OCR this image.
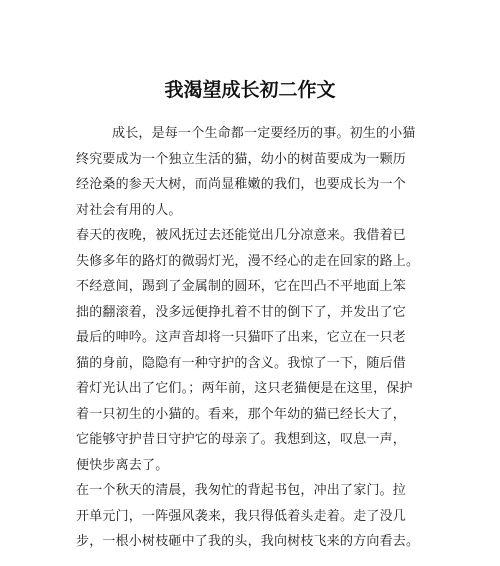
我渴望成长初二作文
成长，是每一个生命都一定要经历的事。初生的小猫
终究要成为一个独立生活的猫，幼小的树苗要成为一颗历
经沧桑的参天大树，而尚显稚嫩的我们，也要成长为一个
对社会有用的人。
春天的夜晚，被风抚过去还能觉出几分凉意来。我借着已
失修多年的路灯的微弱灯光，漫不经心的走在回家的路上。
不经意间，踢到了金属制的圆环，它在凹凸不平地面上笨
拙的翻滚着，没多远便挣扎着不甘的倒下了，并发出了它
最后的呻吟。这声音却将一只猫吓了出来，它立在一只老
猫的身前，隐隐有一种守护的含义。我惊了一下，随后借
着灯光认出了它们。；两年前，这只老猫便是在这里，保护
着一只初生的小猫的。看来，那个年幼的猫已经长大了，
它能够守护昔日守护它的母亲了。我想到这，叹息一声，
便快步离去了。
在一个秋天的清晨，我匆忙的背起书包，冲出了家门。拉
开单元门，一阵强风袭来，我只得低着头走着。走了没几
步，一根小树枝砸中了我的头，我向树枝飞来的方向看去。
